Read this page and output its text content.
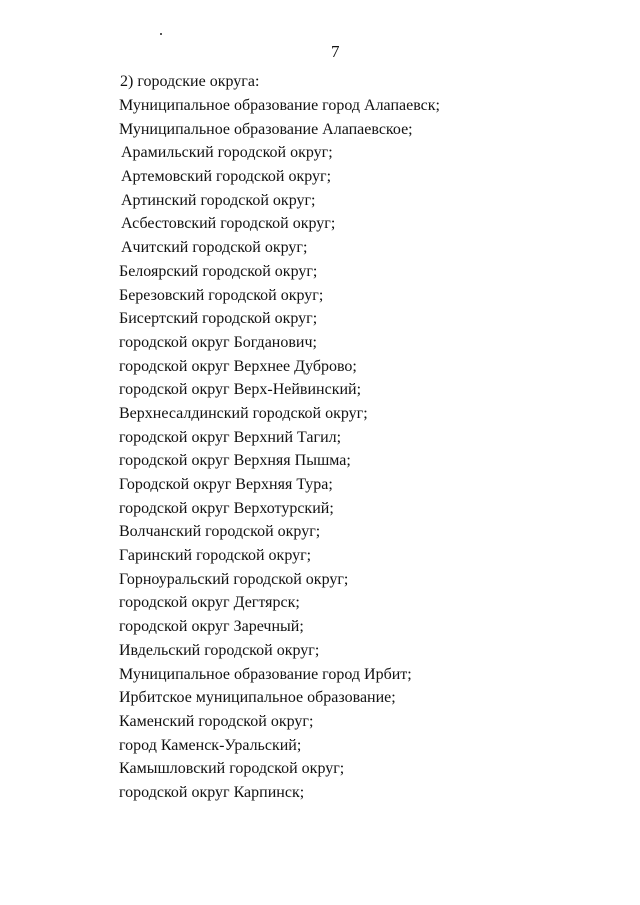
7
2) городские округа:
Муниципальное образование город Алапаевск;
Муниципальное образование Алапаевское;
Арамильский городской округ;
Артемовский городской округ;
Артинский городской округ;
Асбестовский городской округ;
Ачитский городской округ;
Белоярский городской округ;
Березовский городской округ;
Бисертский городской округ;
городской округ Богданович;
городской округ Верхнее Дуброво;
городской округ Верх-Нейвинский;
Верхнесалдинский городской округ;
городской округ Верхний Тагил;
городской округ Верхняя Пышма;
Городской округ Верхняя Тура;
городской округ Верхотурский;
Волчанский городской округ;
Гаринский городской округ;
Горноуральский городской округ;
городской округ Дегтярск;
городской округ Заречный;
Ивдельский городской округ;
Муниципальное образование город Ирбит;
Ирбитское муниципальное образование;
Каменский городской округ;
город Каменск-Уральский;
Камышловский городской округ;
городской округ Карпинск;
